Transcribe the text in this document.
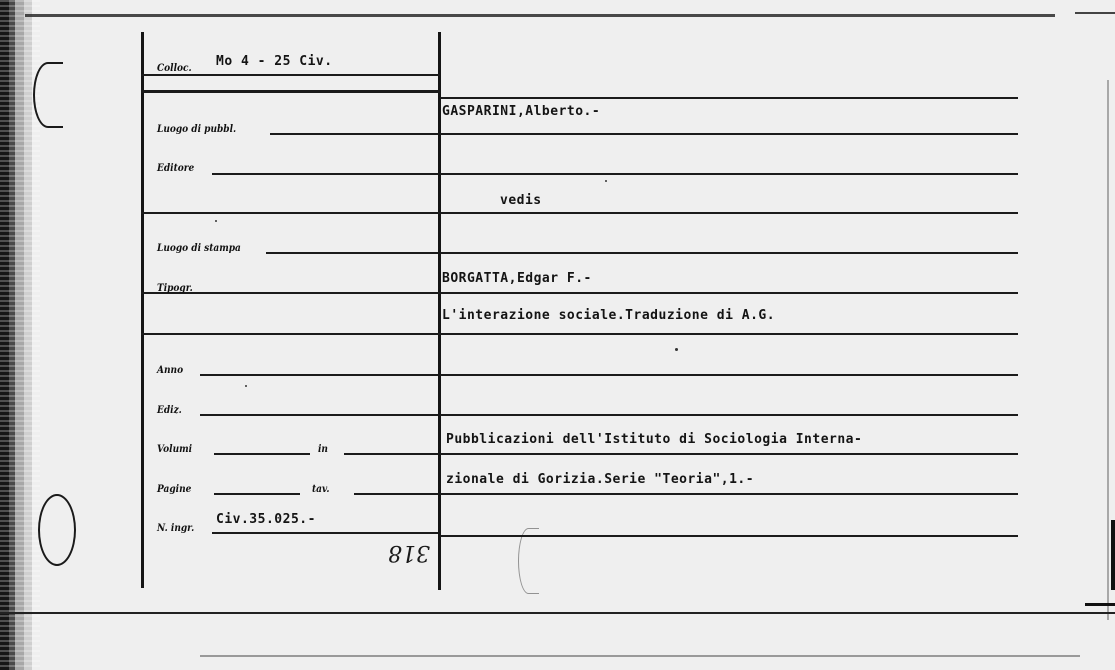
Colloc.
Luogo di pubbl.
Editore
Luogo di stampa
Tipogr.
Anno
Ediz.
Volumi	in
Pagine	tav.
N. ingr.
Mo 4 - 25 Civ.
Civ.35.025.-
318
GASPARINI,Alberto.-
vedis
BORGATTA,Edgar F.-
L'interazione sociale.Traduzione di A.G.
Pubblicazioni dell'Istituto di Sociologia Interna-
zionale di Gorizia.Serie "Teoria",1.-
